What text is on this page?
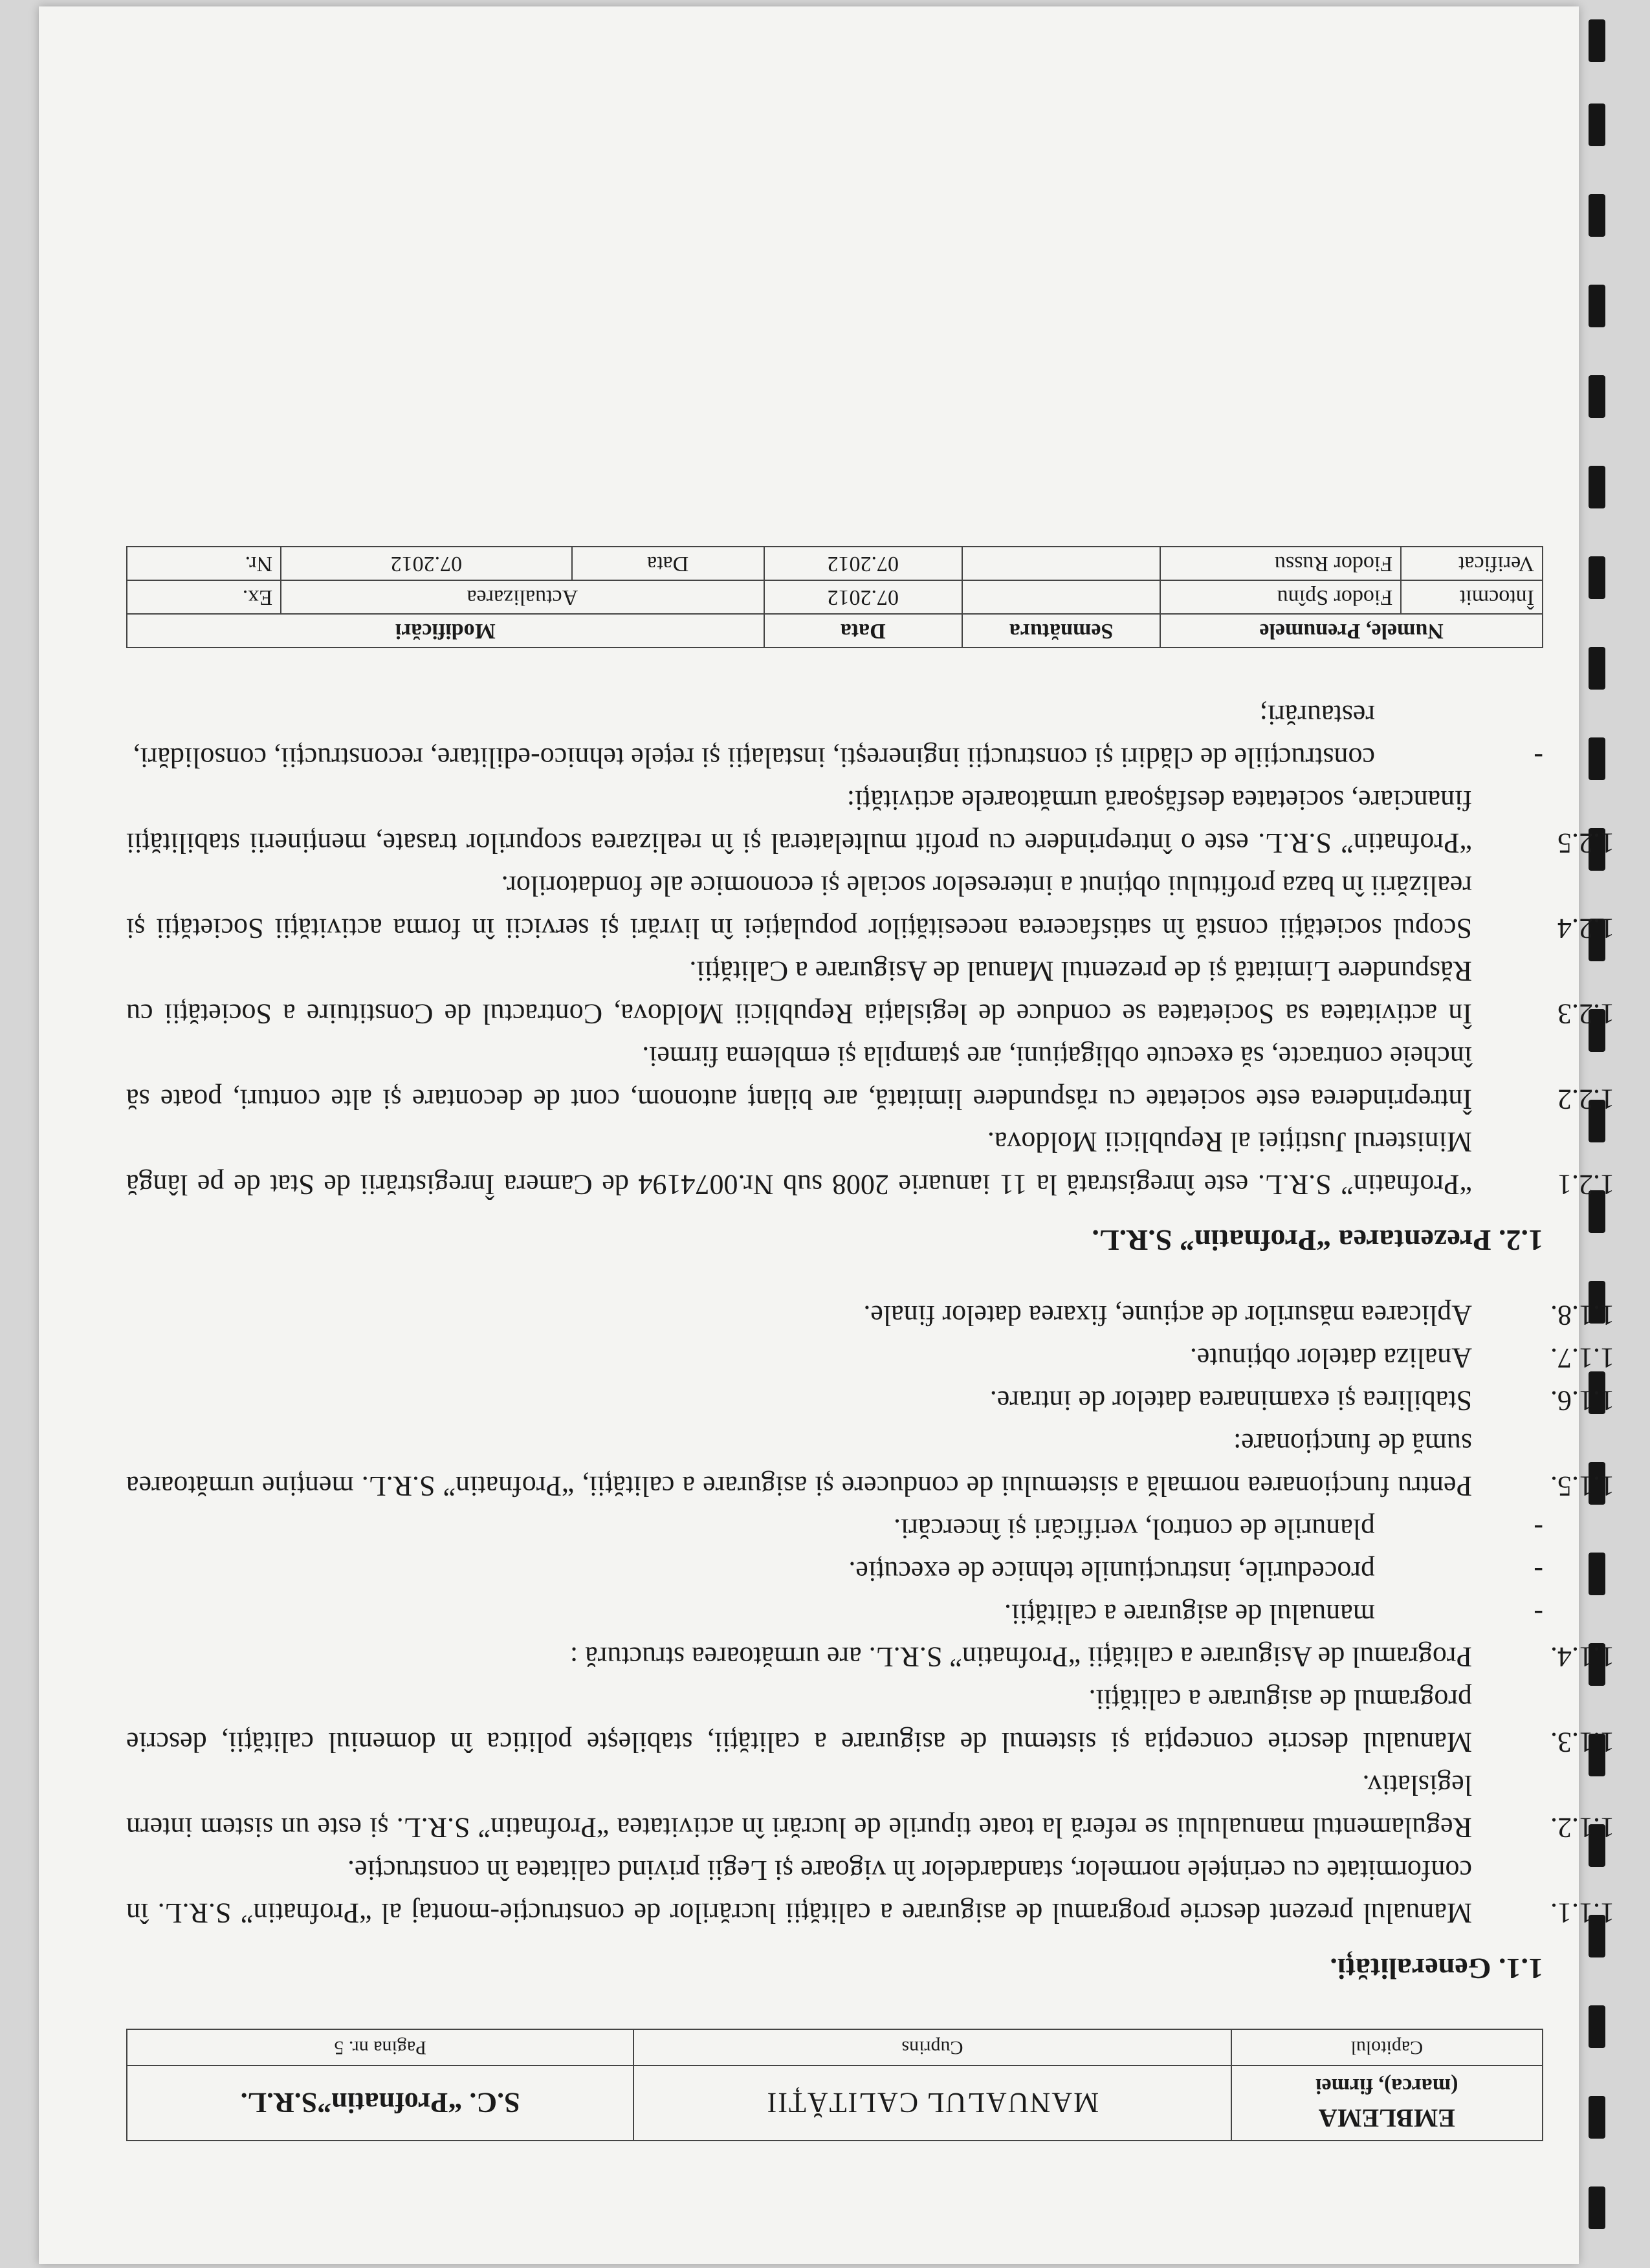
EMBLEMA
(marca), firmei	MANUALUL CALITĂȚII	S.C. “Profnatin”S.R.L.
Capitolul	Cuprins	Pagina nr. 5
1.1. Generalități.

1.1.1.Manualul prezent descrie programul de asigurare a calității lucrărilor de construcție-montaj al “Profnatin” S.R.L. în conformitate cu cerințele normelor, standardelor în vigoare și Legii privind calitatea în construcție.

1.1.2.Regulamentul manualului se referă la toate tipurile de lucrări în activitatea “Profnatin” S.R.L. și este un sistem intern legislativ.

1.1.3.Manualul descrie concepția și sistemul de asigurare a calității, stabilește politica în domeniul calității, descrie programul de asigurare a calității.

1.1.4.Programul de Asigurare a calității “Profnatin” S.R.L. are următoarea structură :

-
manualul de asigurare a calității.
-
procedurile, instrucțiunile tehnice de execuție.
-
planurile de control, verificări și încercări.

1.1.5.Pentru funcționarea normală a sistemului de conducere și asigurare a calității, “Profnatin” S.R.L. menține următoarea sumă de funcționare:

1.1.6.Stabilirea și examinarea datelor de intrare.

1.1.7.Analiza datelor obținute.

1.1.8.Aplicarea măsurilor de acțiune, fixarea datelor finale.

1.2. Prezentarea “Profnatin” S.R.L.

1.2.1“Profnatin” S.R.L. este înregistrată la 11 ianuarie 2008 sub Nr.0074194 de Camera Înregistrării de Stat de pe lângă Ministerul Justiției al Republicii Moldova.

1.2.2Întreprinderea este societate cu răspundere limitată, are bilanț autonom, cont de decontare și alte conturi, poate să încheie contracte, să execute obligațiuni, are ștampila și emblema firmei.

1.2.3În activitatea sa Societatea se conduce de legislația Republicii Moldova, Contractul de Constituire a Societății cu Răspundere Limitată și de prezentul Manual de Asigurare a Calității.

1.2.4Scopul societății constă în satisfacerea necesităților populației în livrări și servicii în forma activității Societății și realizării în baza profitului obținut a intereselor sociale și economice ale fondatorilor.

1.2.5“Profnatin” S.R.L. este o întreprindere cu profit multelateral și în realizarea scopurilor trasate, menținerii stabilității financiare, societatea desfășoară următoarele activități:

-
construcțiile de clădiri și construcții inginerești, instalații și rețele tehnico-edilitare, reconstrucții, consolidări, restaurări;
Numele, Prenumele		Semnătura	Data	Modificări		
Întocmit	Fiodor Spînu		07.2012	Actualizarea		Ex.
Verificat	Fiodor Russu		07.2012	Data	07.2012	Nr.
